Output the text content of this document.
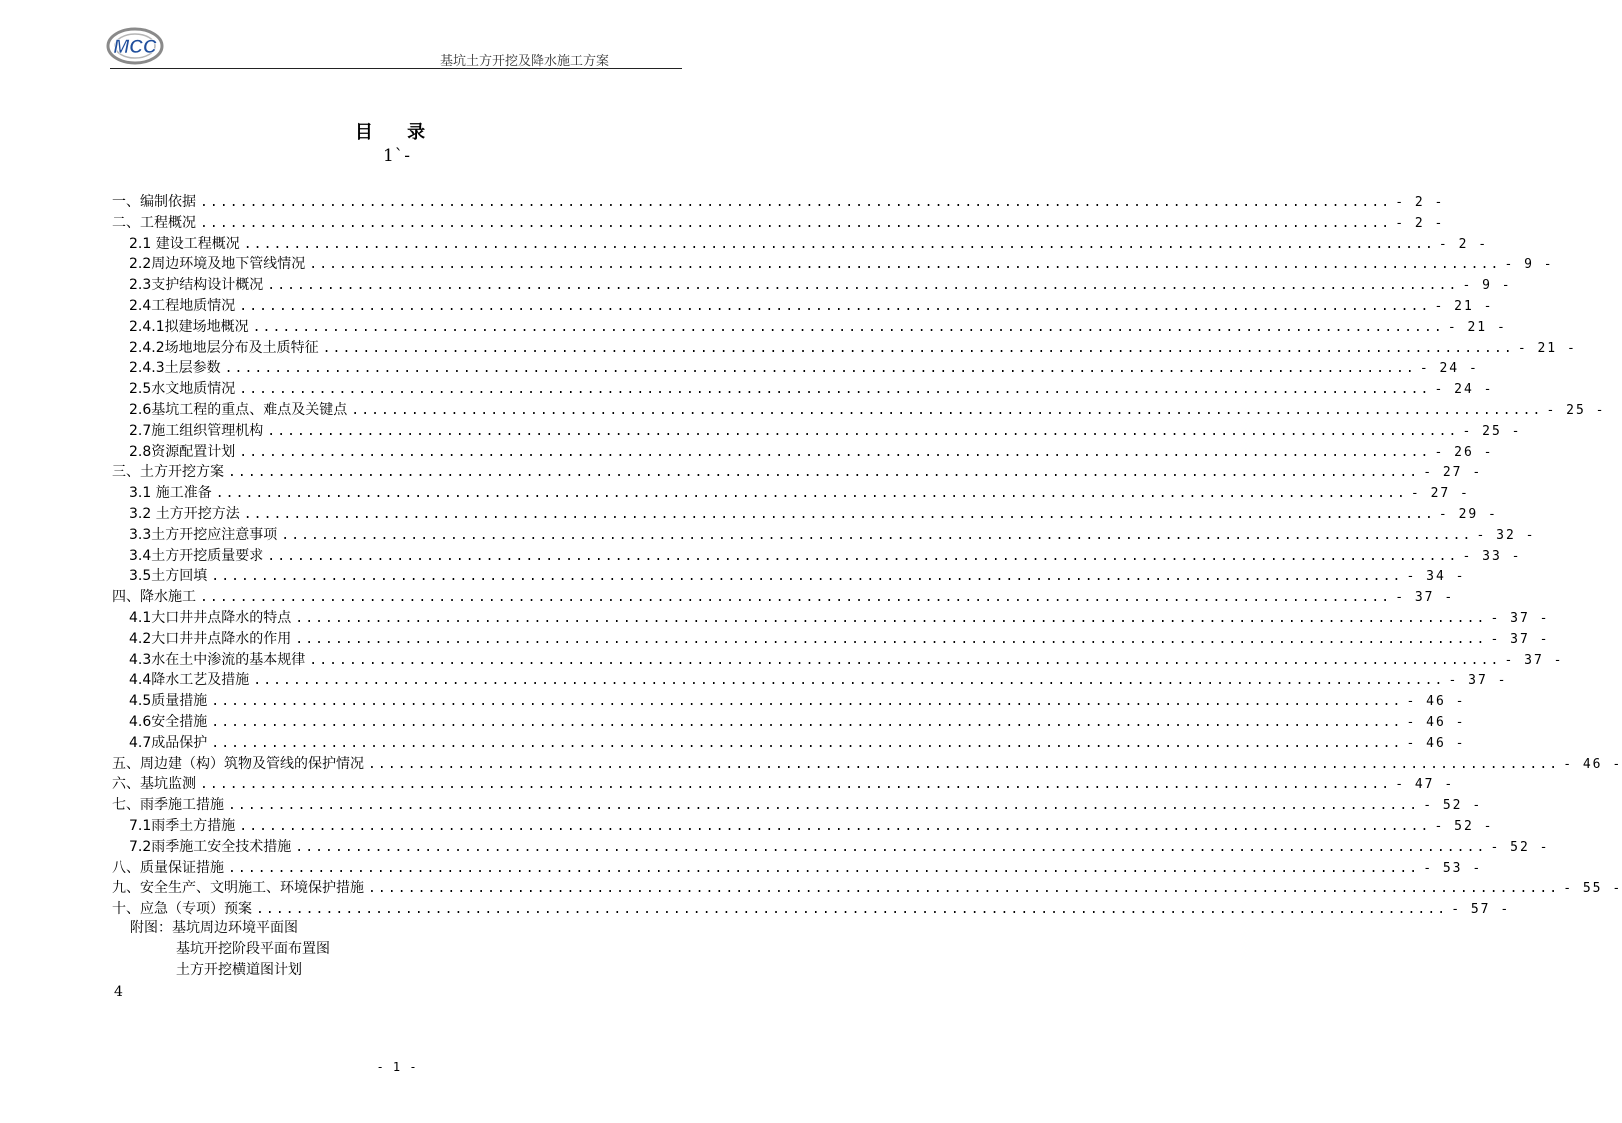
MCC
基坑土方开挖及降水施工方案
目 录
1`-
一、编制依据 ........................................................................................................................ - 2 -
二、工程概况 ........................................................................................................................ - 2 -
2.1 建设工程概况 ........................................................................................................................ - 2 -
2.2周边环境及地下管线情况 ........................................................................................................................ - 9 -
2.3支护结构设计概况 ........................................................................................................................ - 9 -
2.4工程地质情况 ........................................................................................................................ - 21 -
2.4.1拟建场地概况 ........................................................................................................................ - 21 -
2.4.2场地地层分布及土质特征 ........................................................................................................................ - 21 -
2.4.3土层参数 ........................................................................................................................ - 24 -
2.5水文地质情况 ........................................................................................................................ - 24 -
2.6基坑工程的重点、难点及关键点 ........................................................................................................................ - 25 -
2.7施工组织管理机构 ........................................................................................................................ - 25 -
2.8资源配置计划 ........................................................................................................................ - 26 -
三、土方开挖方案 ........................................................................................................................ - 27 -
3.1 施工准备 ........................................................................................................................ - 27 -
3.2 土方开挖方法 ........................................................................................................................ - 29 -
3.3土方开挖应注意事项 ........................................................................................................................ - 32 -
3.4土方开挖质量要求 ........................................................................................................................ - 33 -
3.5土方回填 ........................................................................................................................ - 34 -
四、降水施工 ........................................................................................................................ - 37 -
4.1大口井井点降水的特点 ........................................................................................................................ - 37 -
4.2大口井井点降水的作用 ........................................................................................................................ - 37 -
4.3水在土中渗流的基本规律 ........................................................................................................................ - 37 -
4.4降水工艺及措施 ........................................................................................................................ - 37 -
4.5质量措施 ........................................................................................................................ - 46 -
4.6安全措施 ........................................................................................................................ - 46 -
4.7成品保护 ........................................................................................................................ - 46 -
五、周边建（构）筑物及管线的保护情况 ........................................................................................................................ - 46 -
六、基坑监测 ........................................................................................................................ - 47 -
七、雨季施工措施 ........................................................................................................................ - 52 -
7.1雨季土方措施 ........................................................................................................................ - 52 -
7.2雨季施工安全技术措施 ........................................................................................................................ - 52 -
八、质量保证措施 ........................................................................................................................ - 53 -
九、安全生产、文明施工、环境保护措施 ........................................................................................................................ - 55 -
十、应急（专项）预案 ........................................................................................................................ - 57 -
附图：基坑周边环境平面图
基坑开挖阶段平面布置图
土方开挖横道图计划
4
- 1 -
